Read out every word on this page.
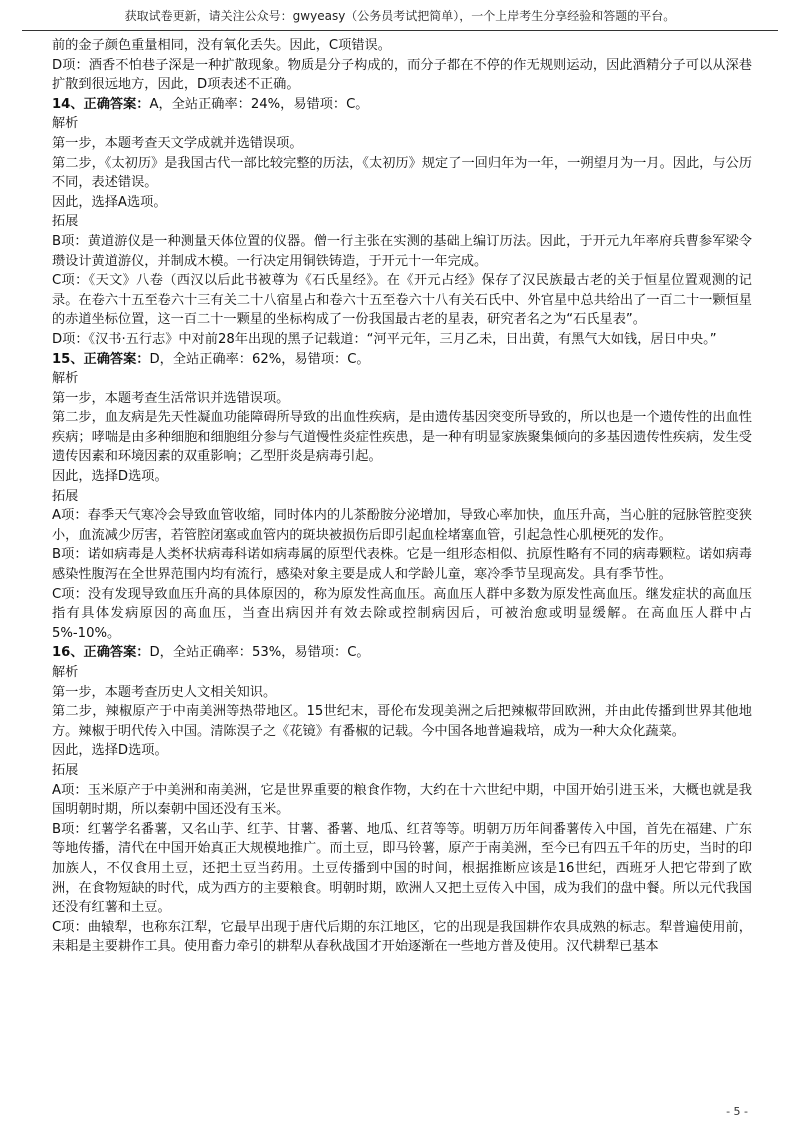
获取试卷更新，请关注公众号：gwyeasy（公务员考试把简单），一个上岸考生分享经验和答题的平台。

前的金子颜色重量相同，没有氧化丢失。因此，C项错误。

D项：酒香不怕巷子深是一种扩散现象。物质是分子构成的，而分子都在不停的作无规则运动，因此酒精分子可以从深巷扩散到很远地方，因此，D项表述不正确。

14、正确答案：A，全站正确率：24%，易错项：C。

解析

第一步，本题考查天文学成就并选错误项。

第二步，《太初历》是我国古代一部比较完整的历法，《太初历》规定了一回归年为一年，一朔望月为一月。因此，与公历不同，表述错误。

因此，选择A选项。

拓展

B项：黄道游仪是一种测量天体位置的仪器。僧一行主张在实测的基础上编订历法。因此，于开元九年率府兵曹参军梁令瓒设计黄道游仪，并制成木模。一行决定用铜铁铸造，于开元十一年完成。

C项：《天文》八卷（西汉以后此书被尊为《石氏星经》。在《开元占经》保存了汉民族最古老的关于恒星位置观测的记录。在卷六十五至卷六十三有关二十八宿星占和卷六十五至卷六十八有关石氏中、外官星中总共给出了一百二十一颗恒星的赤道坐标位置，这一百二十一颗星的坐标构成了一份我国最古老的星表，研究者名之为“石氏星表”。

D项：《汉书·五行志》中对前28年出现的黑子记载道：“河平元年，三月乙未，日出黄，有黑气大如钱，居日中央。”

15、正确答案：D，全站正确率：62%，易错项：C。

解析

第一步，本题考查生活常识并选错误项。

第二步，血友病是先天性凝血功能障碍所导致的出血性疾病，是由遗传基因突变所导致的，所以也是一个遗传性的出血性疾病；哮喘是由多种细胞和细胞组分参与气道慢性炎症性疾患，是一种有明显家族聚集倾向的多基因遗传性疾病，发生受遗传因素和环境因素的双重影响；乙型肝炎是病毒引起。

因此，选择D选项。

拓展

A项：春季天气寒冷会导致血管收缩，同时体内的儿茶酚胺分泌增加，导致心率加快，血压升高，当心脏的冠脉管腔变狭小，血流减少厉害，若管腔闭塞或血管内的斑块被损伤后即引起血栓堵塞血管，引起急性心肌梗死的发作。

B项：诺如病毒是人类杯状病毒科诺如病毒属的原型代表株。它是一组形态相似、抗原性略有不同的病毒颗粒。诺如病毒感染性腹泻在全世界范围内均有流行，感染对象主要是成人和学龄儿童，寒冷季节呈现高发。具有季节性。

C项：没有发现导致血压升高的具体原因的，称为原发性高血压。高血压人群中多数为原发性高血压。继发症状的高血压指有具体发病原因的高血压，当查出病因并有效去除或控制病因后，可被治愈或明显缓解。在高血压人群中占5%-10%。

16、正确答案：D，全站正确率：53%，易错项：C。

解析

第一步，本题考查历史人文相关知识。

第二步，辣椒原产于中南美洲等热带地区。15世纪末，哥伦布发现美洲之后把辣椒带回欧洲，并由此传播到世界其他地方。辣椒于明代传入中国。清陈淏子之《花镜》有番椒的记载。今中国各地普遍栽培，成为一种大众化蔬菜。

因此，选择D选项。

拓展

A项：玉米原产于中美洲和南美洲，它是世界重要的粮食作物，大约在十六世纪中期，中国开始引进玉米，大概也就是我国明朝时期，所以秦朝中国还没有玉米。

B项：红薯学名番薯，又名山芋、红芋、甘薯、番薯、地瓜、红苕等等。明朝万历年间番薯传入中国，首先在福建、广东等地传播，清代在中国开始真正大规模地推广。而土豆，即马铃薯，原产于南美洲，至今已有四五千年的历史，当时的印加族人，不仅食用土豆，还把土豆当药用。土豆传播到中国的时间，根据推断应该是16世纪，西班牙人把它带到了欧洲，在食物短缺的时代，成为西方的主要粮食。明朝时期，欧洲人又把土豆传入中国，成为我们的盘中餐。所以元代我国还没有红薯和土豆。

C项：曲辕犁，也称东江犁，它最早出现于唐代后期的东江地区，它的出现是我国耕作农具成熟的标志。犁普遍使用前，耒耜是主要耕作工具。使用畜力牵引的耕犁从春秋战国才开始逐渐在一些地方普及使用。汉代耕犁已基本

- 5 -
